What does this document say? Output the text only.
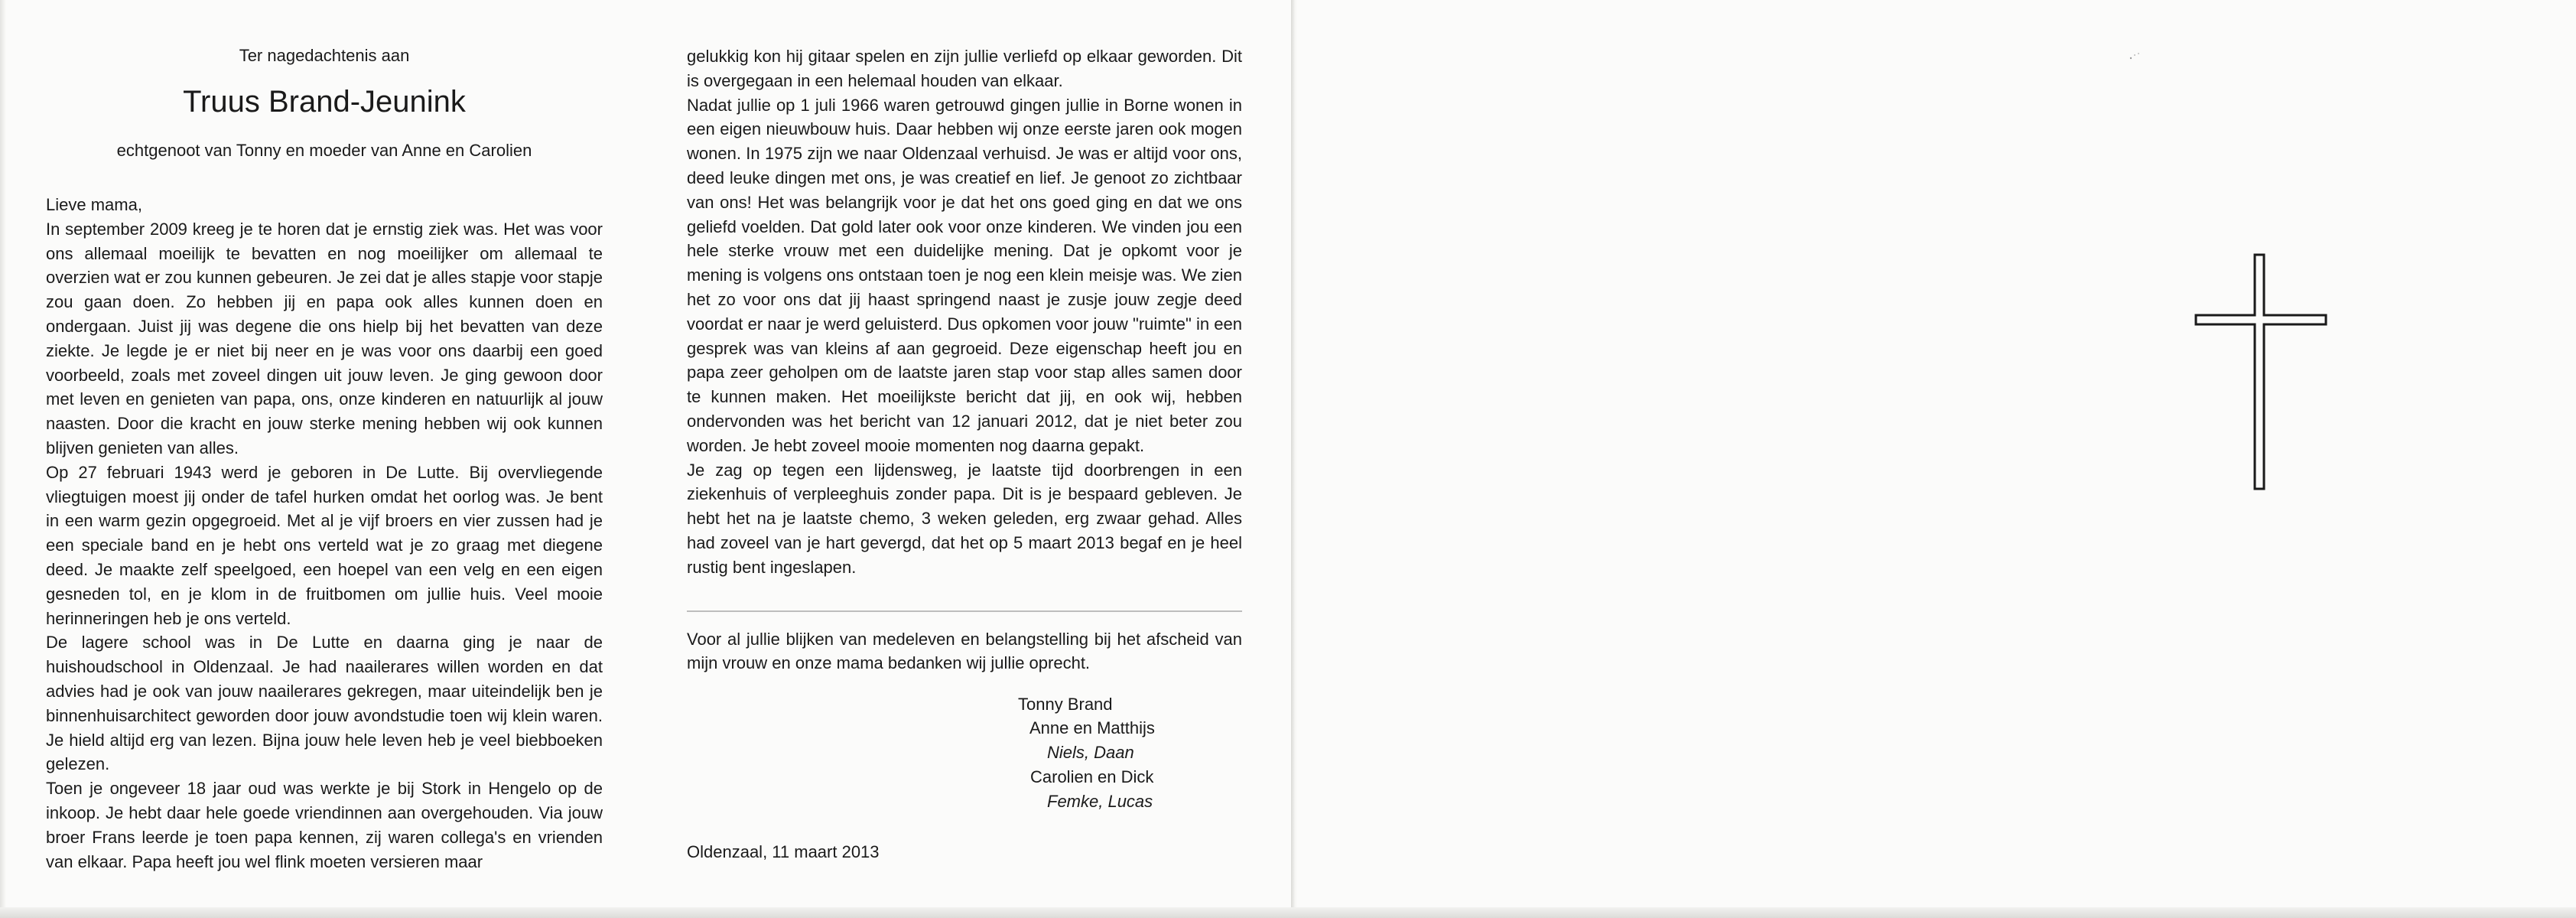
Ter nagedachtenis aan
Truus Brand-Jeunink
echtgenoot van Tonny en moeder van Anne en Carolien
Lieve mama,

In september 2009 kreeg je te horen dat je ernstig ziek was. Het was voor ons allemaal moeilijk te bevatten en nog moeilijker om allemaal te overzien wat er zou kunnen gebeuren. Je zei dat je alles stapje voor stapje zou gaan doen. Zo hebben jij en papa ook alles kunnen doen en ondergaan. Juist jij was degene die ons hielp bij het bevatten van deze ziekte. Je legde je er niet bij neer en je was voor ons daarbij een goed voorbeeld, zoals met zoveel dingen uit jouw leven. Je ging gewoon door met leven en genieten van papa, ons, onze kinderen en natuurlijk al jouw naasten. Door die kracht en jouw sterke mening hebben wij ook kunnen blijven genieten van alles.

Op 27 februari 1943 werd je geboren in De Lutte. Bij overvliegende vliegtuigen moest jij onder de tafel hurken omdat het oorlog was. Je bent in een warm gezin opgegroeid. Met al je vijf broers en vier zussen had je een speciale band en je hebt ons verteld wat je zo graag met diegene deed. Je maakte zelf speelgoed, een hoepel van een velg en een eigen gesneden tol, en je klom in de fruitbomen om jullie huis. Veel mooie herinneringen heb je ons verteld.

De lagere school was in De Lutte en daarna ging je naar de huishoudschool in Oldenzaal. Je had naailerares willen worden en dat advies had je ook van jouw naailerares gekregen, maar uiteindelijk ben je binnenhuisarchitect geworden door jouw avondstudie toen wij klein waren. Je hield altijd erg van lezen. Bijna jouw hele leven heb je veel biebboeken gelezen.

Toen je ongeveer 18 jaar oud was werkte je bij Stork in Hengelo op de inkoop. Je hebt daar hele goede vriendinnen aan overgehouden. Via jouw broer Frans leerde je toen papa kennen, zij waren collega's en vrienden van elkaar. Papa heeft jou wel flink moeten versieren maar

gelukkig kon hij gitaar spelen en zijn jullie verliefd op elkaar geworden. Dit is overgegaan in een helemaal houden van elkaar.

Nadat jullie op 1 juli 1966 waren getrouwd gingen jullie in Borne wonen in een eigen nieuwbouw huis. Daar hebben wij onze eerste jaren ook mogen wonen. In 1975 zijn we naar Oldenzaal verhuisd. Je was er altijd voor ons, deed leuke dingen met ons, je was creatief en lief. Je genoot zo zichtbaar van ons! Het was belangrijk voor je dat het ons goed ging en dat we ons geliefd voelden. Dat gold later ook voor onze kinderen. We vinden jou een hele sterke vrouw met een duidelijke mening. Dat je opkomt voor je mening is volgens ons ontstaan toen je nog een klein meisje was. We zien het zo voor ons dat jij haast springend naast je zusje jouw zegje deed voordat er naar je werd geluisterd. Dus opkomen voor jouw "ruimte" in een gesprek was van kleins af aan gegroeid. Deze eigenschap heeft jou en papa zeer geholpen om de laatste jaren stap voor stap alles samen door te kunnen maken. Het moeilijkste bericht dat jij, en ook wij, hebben ondervonden was het bericht van 12 januari 2012, dat je niet beter zou worden. Je hebt zoveel mooie momenten nog daarna gepakt.

Je zag op tegen een lijdensweg, je laatste tijd doorbrengen in een ziekenhuis of verpleeghuis zonder papa. Dit is je bespaard gebleven. Je hebt het na je laatste chemo, 3 weken geleden, erg zwaar gehad. Alles had zoveel van je hart gevergd, dat het op 5 maart 2013 begaf en je heel rustig bent ingeslapen.

Voor al jullie blijken van medeleven en belangstelling bij het afscheid van mijn vrouw en onze mama bedanken wij jullie oprecht.
Tonny Brand
Anne en Matthijs
Niels, Daan
Carolien en Dick
Femke, Lucas
Oldenzaal, 11 maart 2013
